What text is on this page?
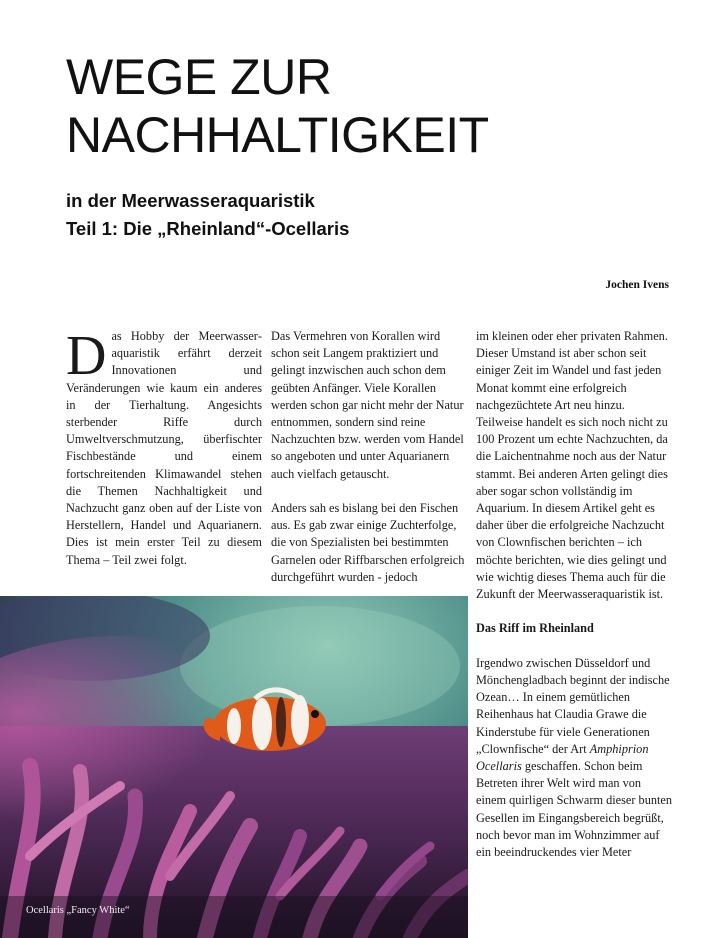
WEGE ZUR
NACHHALTIGKEIT
in der Meerwasseraquaristik
Teil 1: Die „Rheinland“-Ocellaris
Jochen Ivens

Das Hobby der Meerwasseraquaristik erfährt derzeit Innovationen und Veränderungen wie kaum ein anderes in der Tierhaltung. Angesichts sterbender Riffe durch Umweltverschmutzung, überfischter Fischbestände und einem fortschreitenden Klimawandel stehen die Themen Nachhaltigkeit und Nachzucht ganz oben auf der Liste von Herstellern, Handel und Aquarianern. Dies ist mein erster Teil zu diesem Thema – Teil zwei folgt.

Das Vermehren von Korallen wird schon seit Langem praktiziert und gelingt inzwischen auch schon dem geübten Anfänger. Viele Korallen werden schon gar nicht mehr der Natur entnommen, sondern sind reine Nachzuchten bzw. werden vom Handel so angeboten und unter Aquarianern auch vielfach getauscht.

Anders sah es bislang bei den Fischen aus. Es gab zwar einige Zuchterfolge, die von Spezialisten bei bestimmten Garnelen oder Riffbarschen erfolgreich durchgeführt wurden - jedoch

im kleinen oder eher privaten Rahmen. Dieser Umstand ist aber schon seit einiger Zeit im Wandel und fast jeden Monat kommt eine erfolgreich nachgezüchtete Art neu hinzu. Teilweise handelt es sich noch nicht zu 100 Prozent um echte Nachzuchten, da die Laichentnahme noch aus der Natur stammt. Bei anderen Arten gelingt dies aber sogar schon vollständig im Aquarium. In diesem Artikel geht es daher über die erfolgreiche Nachzucht von Clownfischen berichten – ich möchte berichten, wie dies gelingt und wie wichtig dieses Thema auch für die Zukunft der Meerwasseraquaristik ist.

Das Riff im Rheinland

Irgendwo zwischen Düsseldorf und Mönchengladbach beginnt der indische Ozean… In einem gemütlichen Reihenhaus hat Claudia Grawe die Kinderstube für viele Generationen „Clownfische“ der Art Amphiprion Ocellaris geschaffen. Schon beim Betreten ihrer Welt wird man von einem quirligen Schwarm dieser bunten Gesellen im Eingangsbereich begrüßt, noch bevor man im Wohnzimmer auf ein beeindruckendes vier Meter

Ocellaris „Fancy White“
